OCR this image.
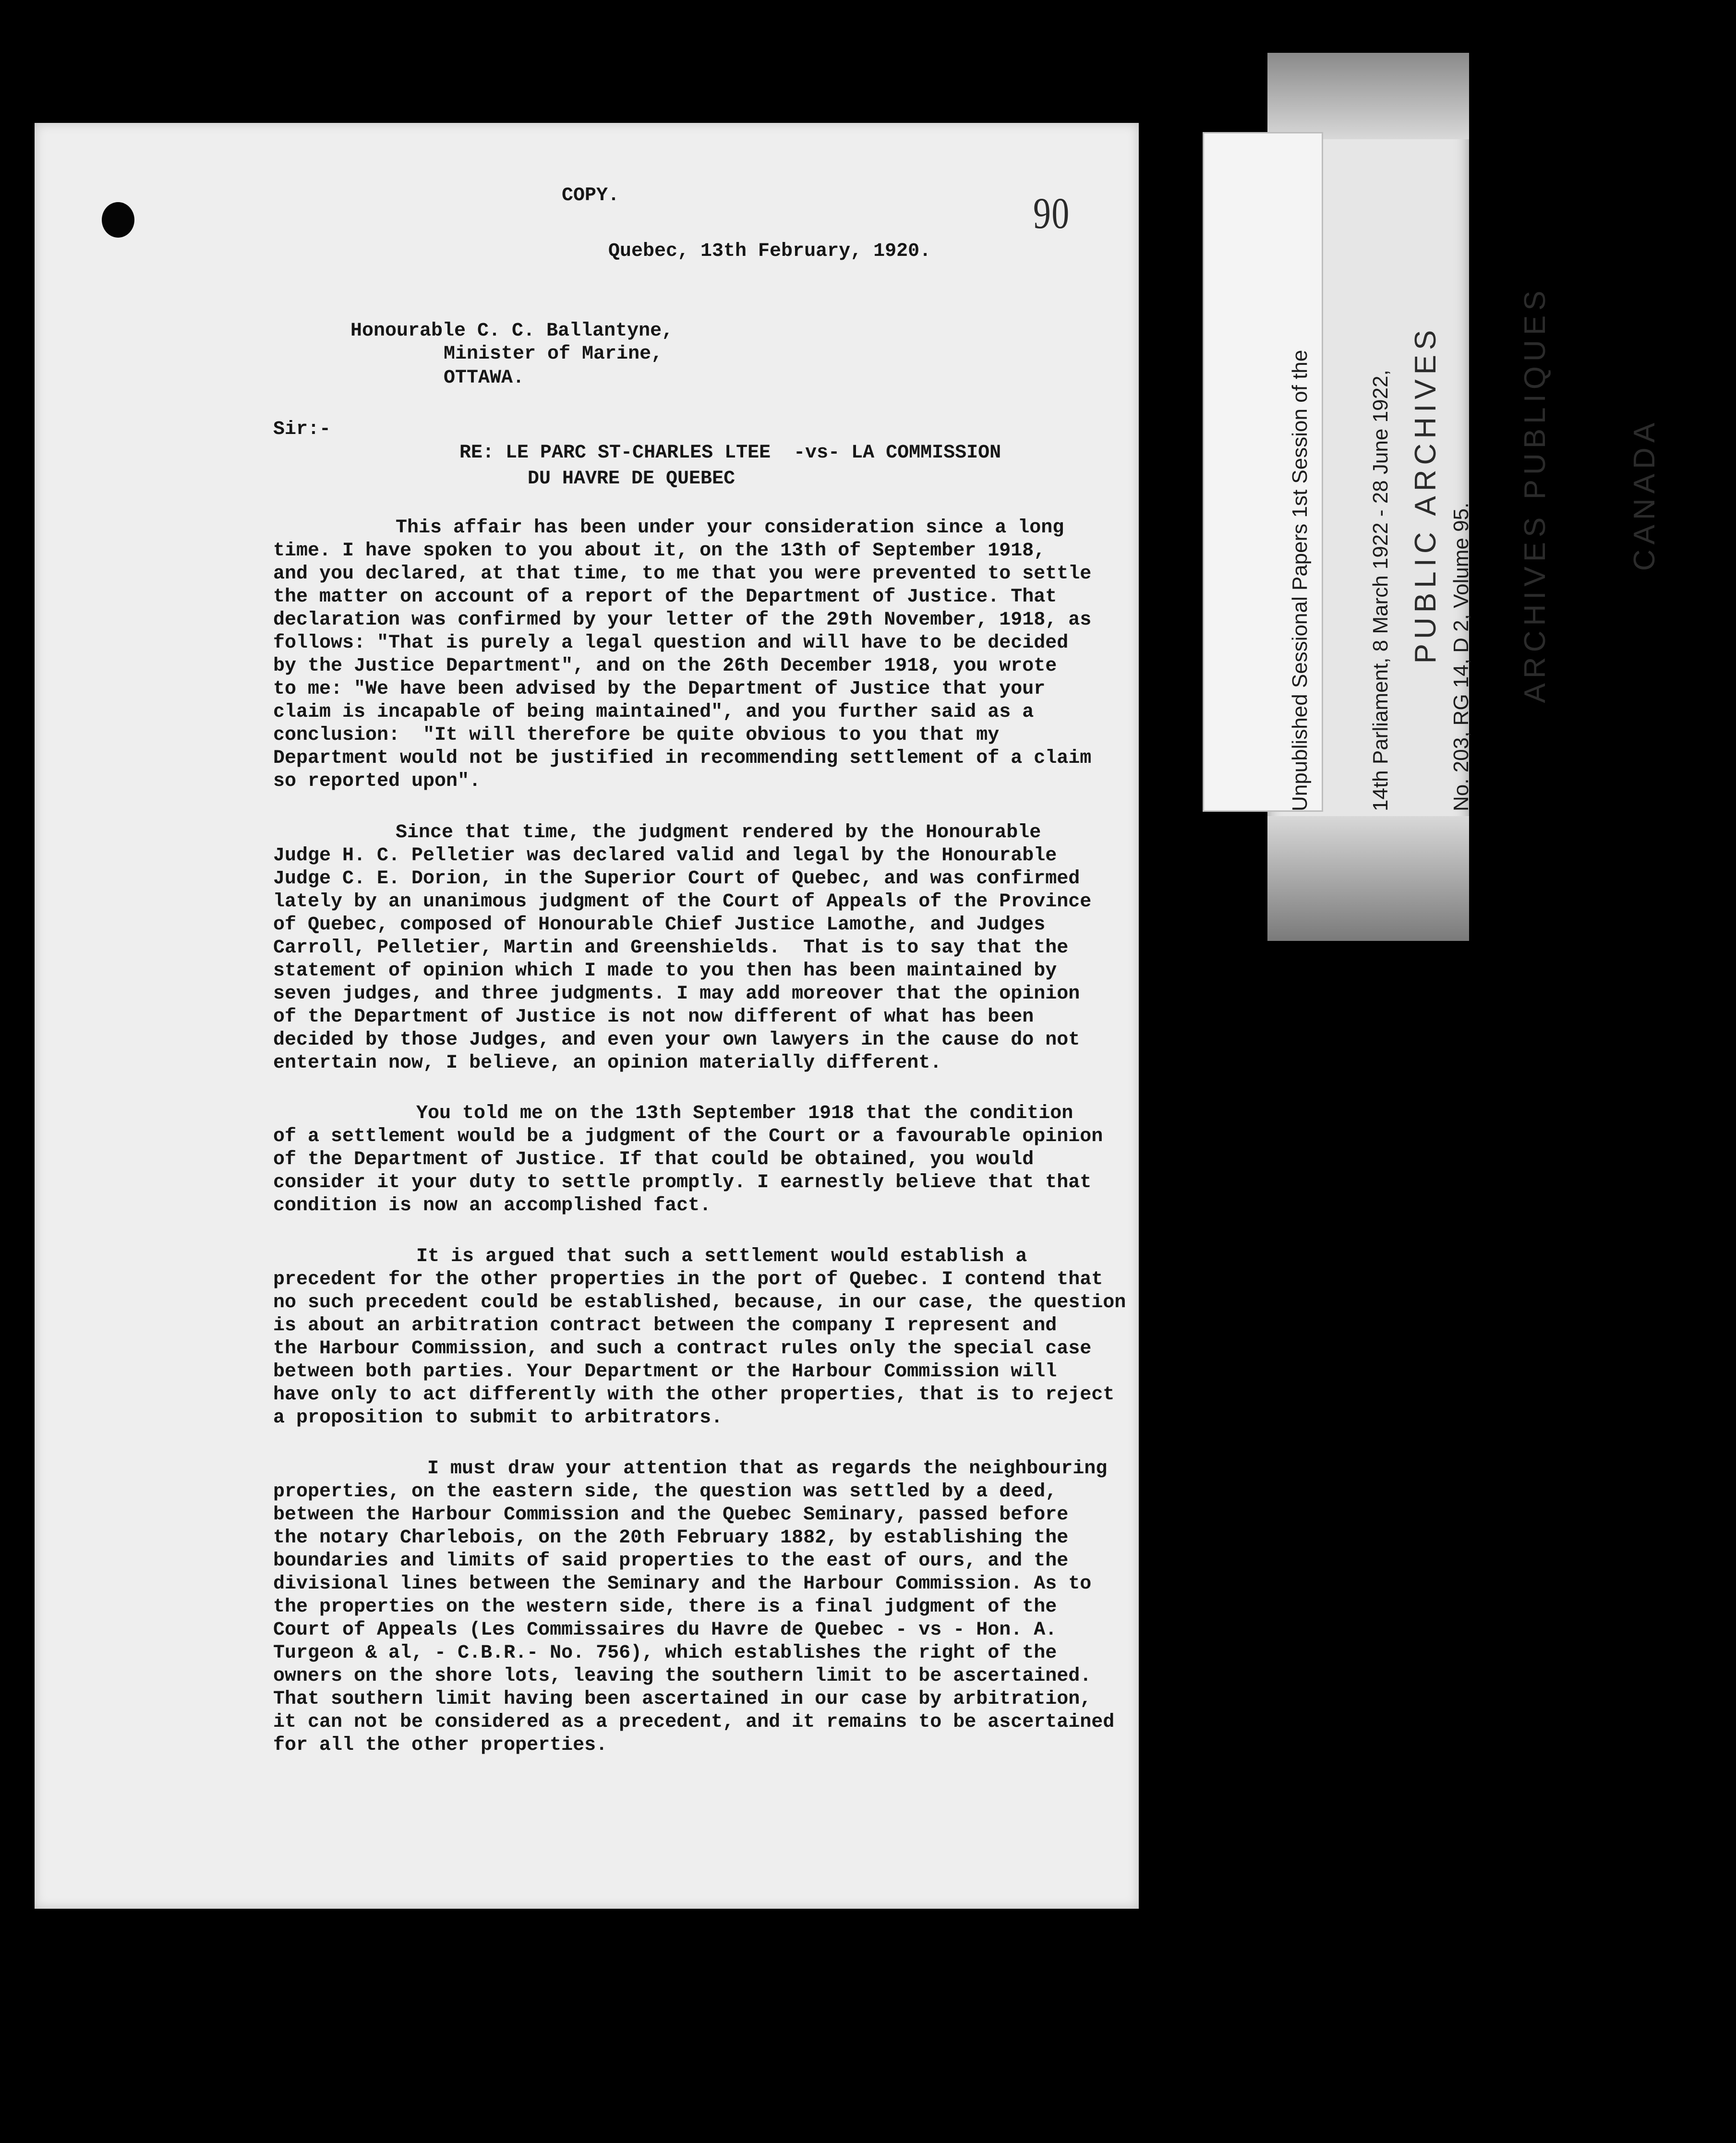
Unpublished Sessional Papers 1st Session of the

	14th Parliament, 8 March 1922 - 28 June 1922,

	No. 203, RG 14, D 2, Volume 95.

PUBLIC ARCHIVES

	ARCHIVES PUBLIQUES

	CANADA

90
COPY.
Quebec, 13th February, 1920.
Honourable C. C. Ballantyne,
Minister of Marine,
OTTAWA.
Sir:-
RE: LE PARC ST-CHARLES LTEE  -vs- LA COMMISSION
DU HAVRE DE QUEBEC
This affair has been under your consideration since a long
time. I have spoken to you about it, on the 13th of September 1918,
and you declared, at that time, to me that you were prevented to settle
the matter on account of a report of the Department of Justice. That
declaration was confirmed by your letter of the 29th November, 1918, as
follows: "That is purely a legal question and will have to be decided
by the Justice Department", and on the 26th December 1918, you wrote
to me: "We have been advised by the Department of Justice that your
claim is incapable of being maintained", and you further said as a
conclusion:  "It will therefore be quite obvious to you that my
Department would not be justified in recommending settlement of a claim
so reported upon".
Since that time, the judgment rendered by the Honourable
Judge H. C. Pelletier was declared valid and legal by the Honourable
Judge C. E. Dorion, in the Superior Court of Quebec, and was confirmed
lately by an unanimous judgment of the Court of Appeals of the Province
of Quebec, composed of Honourable Chief Justice Lamothe, and Judges
Carroll, Pelletier, Martin and Greenshields.  That is to say that the
statement of opinion which I made to you then has been maintained by
seven judges, and three judgments. I may add moreover that the opinion
of the Department of Justice is not now different of what has been
decided by those Judges, and even your own lawyers in the cause do not
entertain now, I believe, an opinion materially different.
You told me on the 13th September 1918 that the condition
of a settlement would be a judgment of the Court or a favourable opinion
of the Department of Justice. If that could be obtained, you would
consider it your duty to settle promptly. I earnestly believe that that
condition is now an accomplished fact.
It is argued that such a settlement would establish a
precedent for the other properties in the port of Quebec. I contend that
no such precedent could be established, because, in our case, the question
is about an arbitration contract between the company I represent and
the Harbour Commission, and such a contract rules only the special case
between both parties. Your Department or the Harbour Commission will
have only to act differently with the other properties, that is to reject
a proposition to submit to arbitrators.
I must draw your attention that as regards the neighbouring
properties, on the eastern side, the question was settled by a deed,
between the Harbour Commission and the Quebec Seminary, passed before
the notary Charlebois, on the 20th February 1882, by establishing the
boundaries and limits of said properties to the east of ours, and the
divisional lines between the Seminary and the Harbour Commission. As to
the properties on the western side, there is a final judgment of the
Court of Appeals (Les Commissaires du Havre de Quebec - vs - Hon. A.
Turgeon & al, - C.B.R.- No. 756), which establishes the right of the
owners on the shore lots, leaving the southern limit to be ascertained.
That southern limit having been ascertained in our case by arbitration,
it can not be considered as a precedent, and it remains to be ascertained
for all the other properties.
